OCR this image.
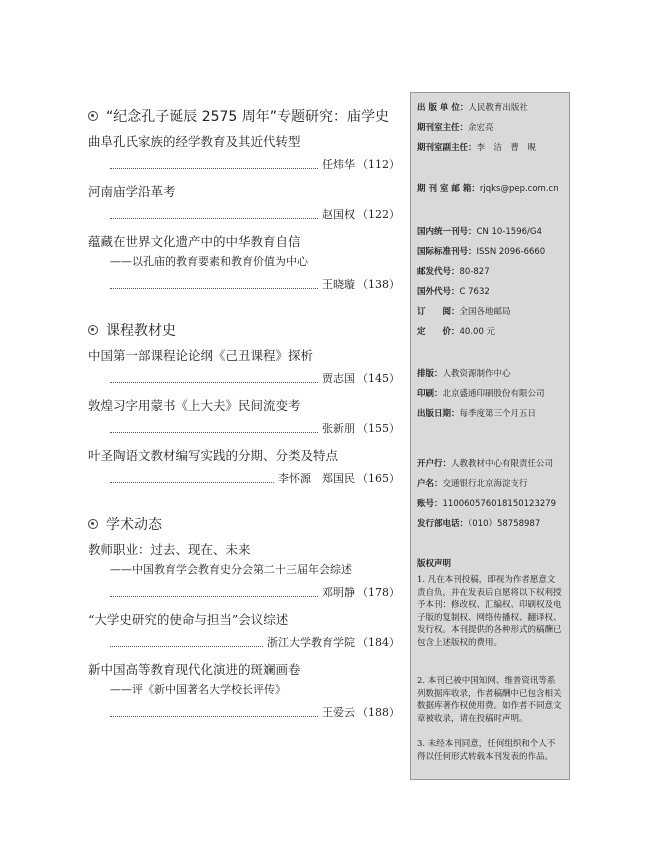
“纪念孔子诞辰 2575 周年”专题研究：庙学史
曲阜孔氏家族的经学教育及其近代转型
任炜华 （112）
河南庙学沿革考
赵国权 （122）
蕴藏在世界文化遗产中的中华教育自信
——以孔庙的教育要素和教育价值为中心
王晓璇 （138）
课程教材史
中国第一部课程论论纲《己丑课程》探析
贾志国 （145）
敦煌习字用蒙书《上大夫》民间流变考
张新朋 （155）
叶圣陶语文教材编写实践的分期、分类及特点
李怀源　郑国民 （165）
学术动态
教师职业：过去、现在、未来
——中国教育学会教育史分会第二十三届年会综述
邓明静 （178）
“大学史研究的使命与担当”会议综述
浙江大学教育学院 （184）
新中国高等教育现代化演进的斑斓画卷
——评《新中国著名大学校长评传》
王爱云 （188）
出 版 单 位：人民教育出版社
期刊室主任：余宏亮
期刊室副主任：李　洁　曹　晛
期 刊 室 邮 箱：rjqks@pep.com.cn
国内统一刊号：CN 10-1596/G4
国际标准刊号：ISSN 2096-6660
邮发代号：80-827
国外代号：C 7632
订　　阅：全国各地邮局
定　　价：40.00 元
排版：人教资源制作中心
印刷：北京盛通印刷股份有限公司
出版日期：每季度第三个月五日
开户行：人教教材中心有限责任公司
户名：交通银行北京海淀支行
账号：110060576018150123279
发行部电话：（010）58758987
版权声明
1. 凡在本刊投稿，即视为作者愿意文责自负，并在发表后自愿将以下权利授予本刊：修改权、汇编权、印刷权及电子版的复制权、网络传播权、翻译权、发行权。本刊提供的各种形式的稿酬已包含上述版权的费用。
2. 本刊已被中国知网、维普资讯等系列数据库收录，作者稿酬中已包含相关数据库著作权使用费。如作者不同意文章被收录，请在投稿时声明。
3. 未经本刊同意，任何组织和个人不得以任何形式转载本刊发表的作品。
